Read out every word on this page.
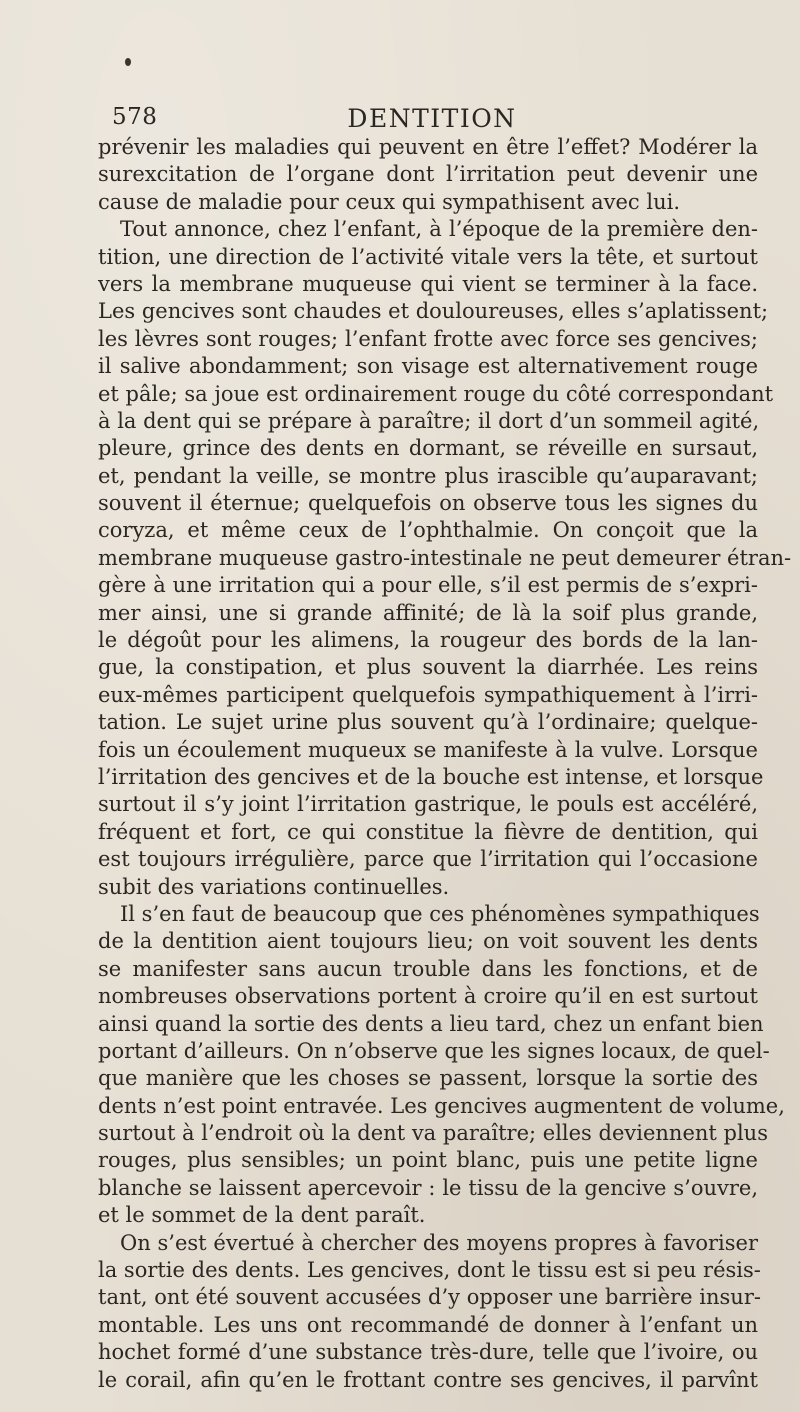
578	DENTITION
prévenir les maladies qui peuvent en être l’effet? Modérer la
surexcitation de l’organe dont l’irritation peut devenir une
cause de maladie pour ceux qui sympathisent avec lui.
Tout annonce, chez l’enfant, à l’époque de la première den-
tition, une direction de l’activité vitale vers la tête, et surtout
vers la membrane muqueuse qui vient se terminer à la face.
Les gencives sont chaudes et douloureuses, elles s’aplatissent;
les lèvres sont rouges; l’enfant frotte avec force ses gencives;
il salive abondamment; son visage est alternativement rouge
et pâle; sa joue est ordinairement rouge du côté correspondant
à la dent qui se prépare à paraître; il dort d’un sommeil agité,
pleure, grince des dents en dormant, se réveille en sursaut,
et, pendant la veille, se montre plus irascible qu’auparavant;
souvent il éternue; quelquefois on observe tous les signes du
coryza, et même ceux de l’ophthalmie. On conçoit que la
membrane muqueuse gastro-intestinale ne peut demeurer étran-
gère à une irritation qui a pour elle, s’il est permis de s’expri-
mer ainsi, une si grande affinité; de là la soif plus grande,
le dégoût pour les alimens, la rougeur des bords de la lan-
gue, la constipation, et plus souvent la diarrhée. Les reins
eux-mêmes participent quelquefois sympathiquement à l’irri-
tation. Le sujet urine plus souvent qu’à l’ordinaire; quelque-
fois un écoulement muqueux se manifeste à la vulve. Lorsque
l’irritation des gencives et de la bouche est intense, et lorsque
surtout il s’y joint l’irritation gastrique, le pouls est accéléré,
fréquent et fort, ce qui constitue la fièvre de dentition, qui
est toujours irrégulière, parce que l’irritation qui l’occasione
subit des variations continuelles.
Il s’en faut de beaucoup que ces phénomènes sympathiques
de la dentition aient toujours lieu; on voit souvent les dents
se manifester sans aucun trouble dans les fonctions, et de
nombreuses observations portent à croire qu’il en est surtout
ainsi quand la sortie des dents a lieu tard, chez un enfant bien
portant d’ailleurs. On n’observe que les signes locaux, de quel-
que manière que les choses se passent, lorsque la sortie des
dents n’est point entravée. Les gencives augmentent de volume,
surtout à l’endroit où la dent va paraître; elles deviennent plus
rouges, plus sensibles; un point blanc, puis une petite ligne
blanche se laissent apercevoir : le tissu de la gencive s’ouvre,
et le sommet de la dent paraît.
On s’est évertué à chercher des moyens propres à favoriser
la sortie des dents. Les gencives, dont le tissu est si peu résis-
tant, ont été souvent accusées d’y opposer une barrière insur-
montable. Les uns ont recommandé de donner à l’enfant un
hochet formé d’une substance très-dure, telle que l’ivoire, ou
le corail, afin qu’en le frottant contre ses gencives, il parvînt
